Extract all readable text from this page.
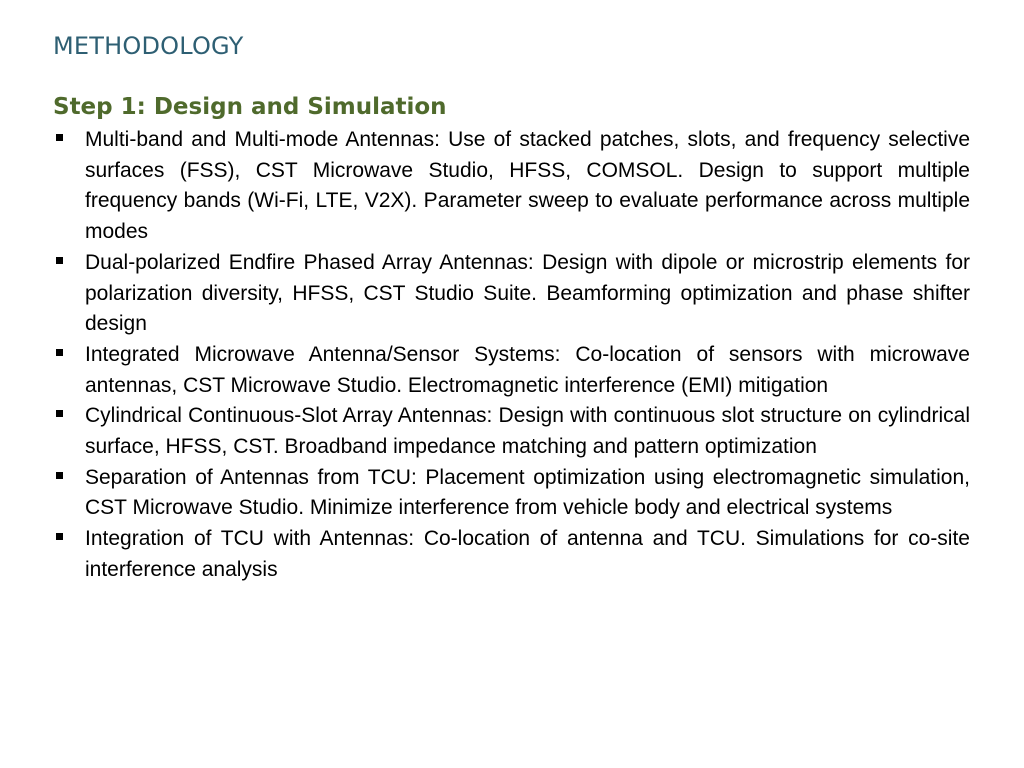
METHODOLOGY
Step 1: Design and Simulation
Multi-band and Multi-mode Antennas: Use of stacked patches, slots, and frequency selective surfaces (FSS), CST Microwave Studio, HFSS, COMSOL. Design to support multiple frequency bands (Wi-Fi, LTE, V2X). Parameter sweep to evaluate performance across multiple modes
Dual-polarized Endfire Phased Array Antennas: Design with dipole or microstrip elements for polarization diversity, HFSS, CST Studio Suite. Beamforming optimization and phase shifter design
Integrated Microwave Antenna/Sensor Systems: Co-location of sensors with microwave antennas, CST Microwave Studio. Electromagnetic interference (EMI) mitigation
Cylindrical Continuous-Slot Array Antennas: Design with continuous slot structure on cylindrical surface, HFSS, CST. Broadband impedance matching and pattern optimization
Separation of Antennas from TCU: Placement optimization using electromagnetic simulation, CST Microwave Studio. Minimize interference from vehicle body and electrical systems
Integration of TCU with Antennas: Co-location of antenna and TCU. Simulations for co-site interference analysis
